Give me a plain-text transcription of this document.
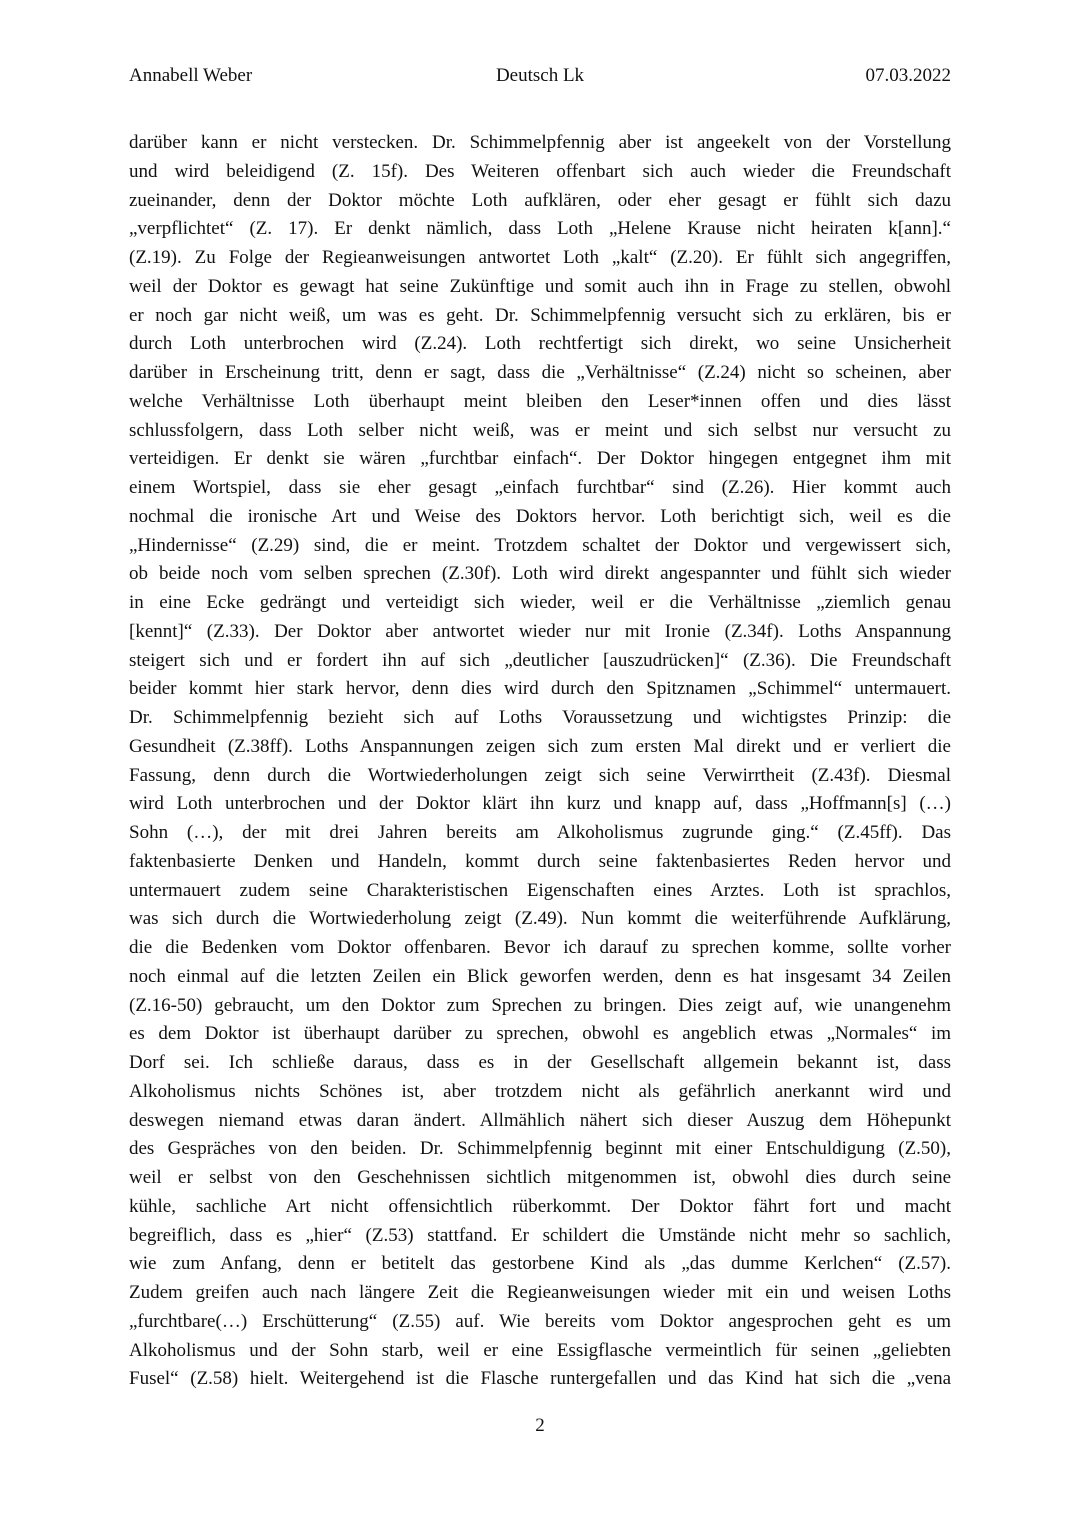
Annabell Weber	Deutsch Lk	07.03.2022
darüber kann er nicht verstecken. Dr. Schimmelpfennig aber ist angeekelt von der Vorstellung
und wird beleidigend (Z. 15f). Des Weiteren offenbart sich auch wieder die Freundschaft
zueinander, denn der Doktor möchte Loth aufklären, oder eher gesagt er fühlt sich dazu
„verpflichtet“ (Z. 17). Er denkt nämlich, dass Loth „Helene Krause nicht heiraten k[ann].“
(Z.19). Zu Folge der Regieanweisungen antwortet Loth „kalt“ (Z.20). Er fühlt sich angegriffen,
weil der Doktor es gewagt hat seine Zukünftige und somit auch ihn in Frage zu stellen, obwohl
er noch gar nicht weiß, um was es geht. Dr. Schimmelpfennig versucht sich zu erklären, bis er
durch Loth unterbrochen wird (Z.24). Loth rechtfertigt sich direkt, wo seine Unsicherheit
darüber in Erscheinung tritt, denn er sagt, dass die „Verhältnisse“ (Z.24) nicht so scheinen, aber
welche Verhältnisse Loth überhaupt meint bleiben den Leser*innen offen und dies lässt
schlussfolgern, dass Loth selber nicht weiß, was er meint und sich selbst nur versucht zu
verteidigen. Er denkt sie wären „furchtbar einfach“. Der Doktor hingegen entgegnet ihm mit
einem Wortspiel, dass sie eher gesagt „einfach furchtbar“ sind (Z.26). Hier kommt auch
nochmal die ironische Art und Weise des Doktors hervor. Loth berichtigt sich, weil es die
„Hindernisse“ (Z.29) sind, die er meint. Trotzdem schaltet der Doktor und vergewissert sich,
ob beide noch vom selben sprechen (Z.30f). Loth wird direkt angespannter und fühlt sich wieder
in eine Ecke gedrängt und verteidigt sich wieder, weil er die Verhältnisse „ziemlich genau
[kennt]“ (Z.33). Der Doktor aber antwortet wieder nur mit Ironie (Z.34f). Loths Anspannung
steigert sich und er fordert ihn auf sich „deutlicher [auszudrücken]“ (Z.36). Die Freundschaft
beider kommt hier stark hervor, denn dies wird durch den Spitznamen „Schimmel“ untermauert.
Dr. Schimmelpfennig bezieht sich auf Loths Voraussetzung und wichtigstes Prinzip: die
Gesundheit (Z.38ff). Loths Anspannungen zeigen sich zum ersten Mal direkt und er verliert die
Fassung, denn durch die Wortwiederholungen zeigt sich seine Verwirrtheit (Z.43f). Diesmal
wird Loth unterbrochen und der Doktor klärt ihn kurz und knapp auf, dass „Hoffmann[s] (…)
Sohn (…), der mit drei Jahren bereits am Alkoholismus zugrunde ging.“ (Z.45ff). Das
faktenbasierte Denken und Handeln, kommt durch seine faktenbasiertes Reden hervor und
untermauert zudem seine Charakteristischen Eigenschaften eines Arztes. Loth ist sprachlos,
was sich durch die Wortwiederholung zeigt (Z.49). Nun kommt die weiterführende Aufklärung,
die die Bedenken vom Doktor offenbaren. Bevor ich darauf zu sprechen komme, sollte vorher
noch einmal auf die letzten Zeilen ein Blick geworfen werden, denn es hat insgesamt 34 Zeilen
(Z.16-50) gebraucht, um den Doktor zum Sprechen zu bringen. Dies zeigt auf, wie unangenehm
es dem Doktor ist überhaupt darüber zu sprechen, obwohl es angeblich etwas „Normales“ im
Dorf sei. Ich schließe daraus, dass es in der Gesellschaft allgemein bekannt ist, dass
Alkoholismus nichts Schönes ist, aber trotzdem nicht als gefährlich anerkannt wird und
deswegen niemand etwas daran ändert. Allmählich nähert sich dieser Auszug dem Höhepunkt
des Gespräches von den beiden. Dr. Schimmelpfennig beginnt mit einer Entschuldigung (Z.50),
weil er selbst von den Geschehnissen sichtlich mitgenommen ist, obwohl dies durch seine
kühle, sachliche Art nicht offensichtlich rüberkommt. Der Doktor fährt fort und macht
begreiflich, dass es „hier“ (Z.53) stattfand. Er schildert die Umstände nicht mehr so sachlich,
wie zum Anfang, denn er betitelt das gestorbene Kind als „das dumme Kerlchen“ (Z.57).
Zudem greifen auch nach längere Zeit die Regieanweisungen wieder mit ein und weisen Loths
„furchtbare(…) Erschütterung“ (Z.55) auf. Wie bereits vom Doktor angesprochen geht es um
Alkoholismus und der Sohn starb, weil er eine Essigflasche vermeintlich für seinen „geliebten
Fusel“ (Z.58) hielt. Weitergehend ist die Flasche runtergefallen und das Kind hat sich die „vena
2
